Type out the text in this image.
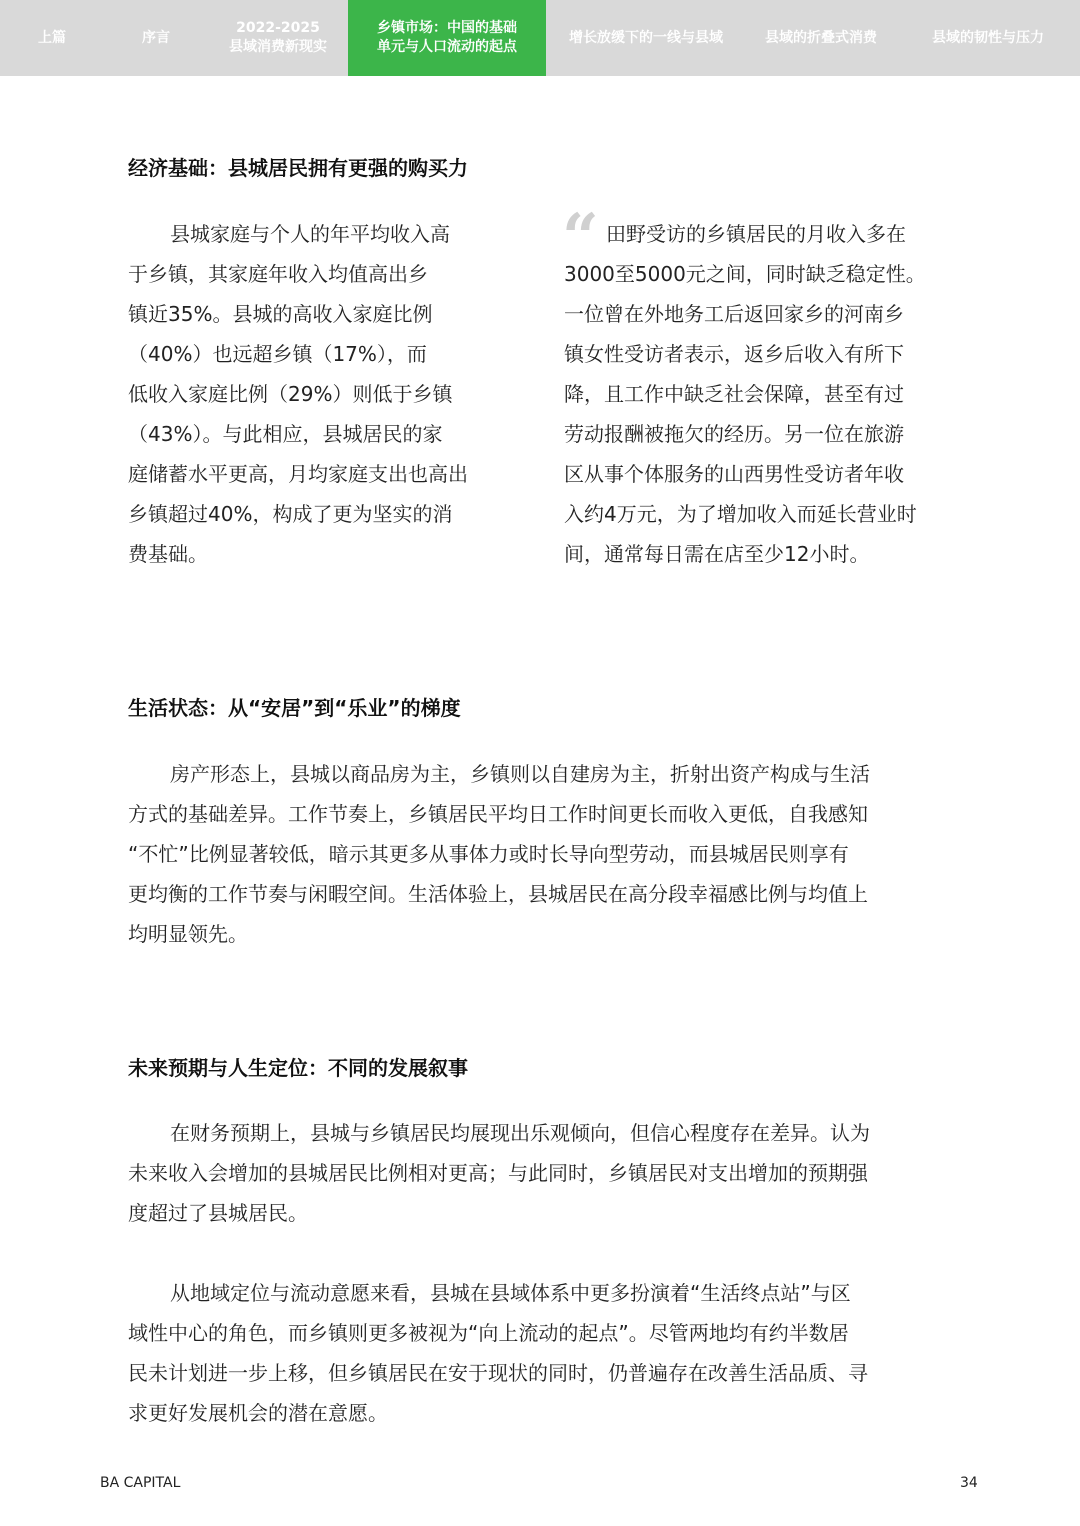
上篇	序言
2022-2025
县域消费新现实
乡镇市场：中国的基础
单元与人口流动的起点
增长放缓下的一线与县域	县域的折叠式消费	县域的韧性与压力
经济基础：县城居民拥有更强的购买力
县城家庭与个人的年平均收入高
于乡镇，其家庭年收入均值高出乡
镇近35%。县城的高收入家庭比例
（40%）也远超乡镇（17%），而
低收入家庭比例（29%）则低于乡镇
（43%）。与此相应，县城居民的家
庭储蓄水平更高，月均家庭支出也高出
乡镇超过40%，构成了更为坚实的消
费基础。
“ 田野受访的乡镇居民的月收入多在
3000至5000元之间，同时缺乏稳定性。
一位曾在外地务工后返回家乡的河南乡
镇女性受访者表示，返乡后收入有所下
降，且工作中缺乏社会保障，甚至有过
劳动报酬被拖欠的经历。另一位在旅游
区从事个体服务的山西男性受访者年收
入约4万元，为了增加收入而延长营业时
间，通常每日需在店至少12小时。
生活状态：从“安居”到“乐业”的梯度
房产形态上，县城以商品房为主，乡镇则以自建房为主，折射出资产构成与生活
方式的基础差异。工作节奏上，乡镇居民平均日工作时间更长而收入更低，自我感知
“不忙”比例显著较低，暗示其更多从事体力或时长导向型劳动，而县城居民则享有
更均衡的工作节奏与闲暇空间。生活体验上，县城居民在高分段幸福感比例与均值上
均明显领先。
未来预期与人生定位：不同的发展叙事
在财务预期上，县城与乡镇居民均展现出乐观倾向，但信心程度存在差异。认为
未来收入会增加的县城居民比例相对更高；与此同时，乡镇居民对支出增加的预期强
度超过了县城居民。
从地域定位与流动意愿来看，县城在县域体系中更多扮演着“生活终点站”与区
域性中心的角色，而乡镇则更多被视为“向上流动的起点”。尽管两地均有约半数居
民未计划进一步上移，但乡镇居民在安于现状的同时，仍普遍存在改善生活品质、寻
求更好发展机会的潜在意愿。
BA CAPITAL	34
